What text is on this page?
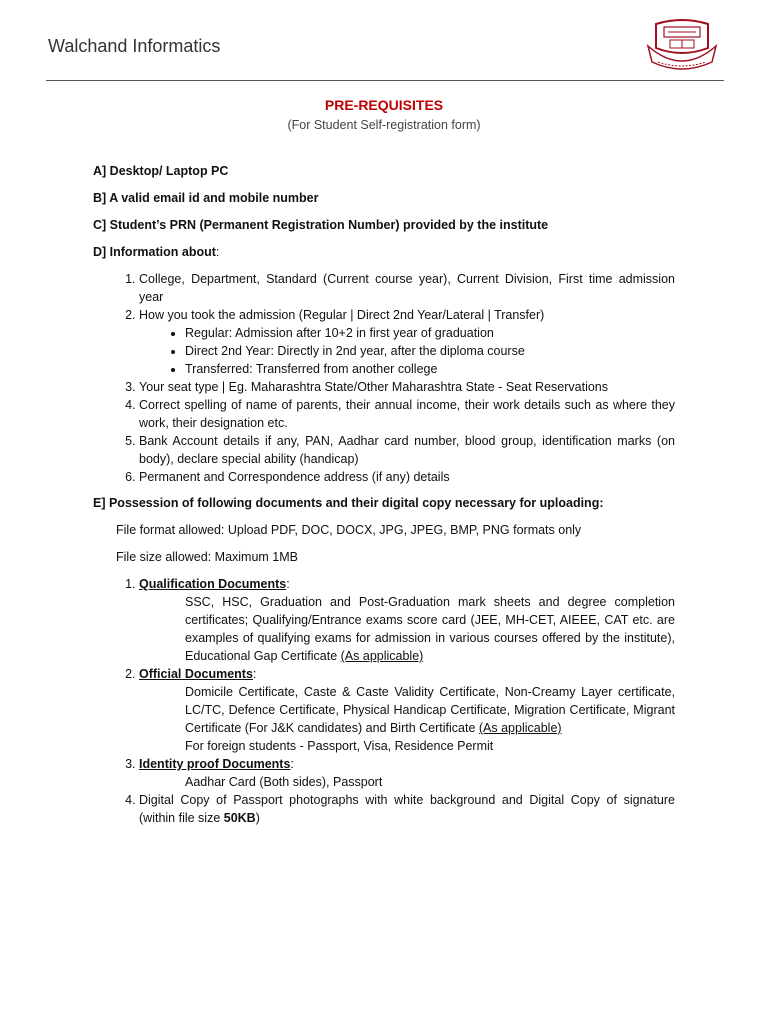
Walchand Informatics
PRE-REQUISITES
(For Student Self-registration form)
A] Desktop/ Laptop PC
B] A valid email id and mobile number
C] Student’s PRN (Permanent Registration Number) provided by the institute
D] Information about:
1. College, Department, Standard (Current course year), Current Division, First time admission year
2. How you took the admission (Regular | Direct 2nd Year/Lateral | Transfer)
• Regular: Admission after 10+2 in first year of graduation
• Direct 2nd Year: Directly in 2nd year, after the diploma course
• Transferred: Transferred from another college
3. Your seat type | Eg. Maharashtra State/Other Maharashtra State - Seat Reservations
4. Correct spelling of name of parents, their annual income, their work details such as where they work, their designation etc.
5. Bank Account details if any, PAN, Aadhar card number, blood group, identification marks (on body), declare special ability (handicap)
6. Permanent and Correspondence address (if any) details
E] Possession of following documents and their digital copy necessary for uploading:
File format allowed: Upload PDF, DOC, DOCX, JPG, JPEG, BMP, PNG formats only
File size allowed: Maximum 1MB
1. Qualification Documents:
SSC, HSC, Graduation and Post-Graduation mark sheets and degree completion certificates; Qualifying/Entrance exams score card (JEE, MH-CET, AIEEE, CAT etc. are examples of qualifying exams for admission in various courses offered by the institute), Educational Gap Certificate (As applicable)
2. Official Documents:
Domicile Certificate, Caste & Caste Validity Certificate, Non-Creamy Layer certificate, LC/TC, Defence Certificate, Physical Handicap Certificate, Migration Certificate, Migrant Certificate (For J&K candidates) and Birth Certificate (As applicable)
For foreign students - Passport, Visa, Residence Permit
3. Identity proof Documents:
Aadhar Card (Both sides), Passport
4. Digital Copy of Passport photographs with white background and Digital Copy of signature (within file size 50KB)
